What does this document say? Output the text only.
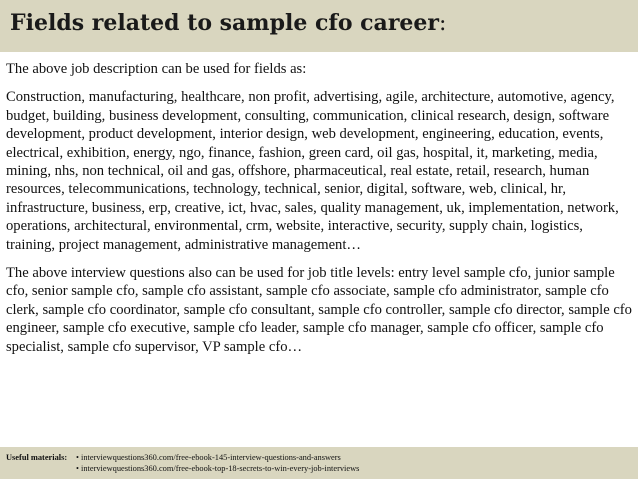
Fields related to sample cfo career:

The above job description can be used for fields as:

Construction, manufacturing, healthcare, non profit, advertising, agile, architecture, automotive, agency, budget, building, business development, consulting, communication, clinical research, design, software development, product development, interior design, web development, engineering, education, events, electrical, exhibition, energy, ngo, finance, fashion, green card, oil gas, hospital, it, marketing, media, mining, nhs, non technical, oil and gas, offshore, pharmaceutical, real estate, retail, research, human resources, telecommunications, technology, technical, senior, digital, software, web, clinical, hr, infrastructure, business, erp, creative, ict, hvac, sales, quality management, uk, implementation, network, operations, architectural, environmental, crm, website, interactive, security, supply chain, logistics, training, project management, administrative management…

The above interview questions also can be used for job title levels: entry level sample cfo, junior sample cfo, senior sample cfo, sample cfo assistant, sample cfo associate, sample cfo administrator, sample cfo clerk, sample cfo coordinator, sample cfo consultant, sample cfo controller, sample cfo director, sample cfo engineer, sample cfo executive, sample cfo leader, sample cfo manager, sample cfo officer, sample cfo specialist, sample cfo supervisor, VP sample cfo…

Useful materials:	• interviewquestions360.com/free-ebook-145-interview-questions-and-answers
• interviewquestions360.com/free-ebook-top-18-secrets-to-win-every-job-interviews
